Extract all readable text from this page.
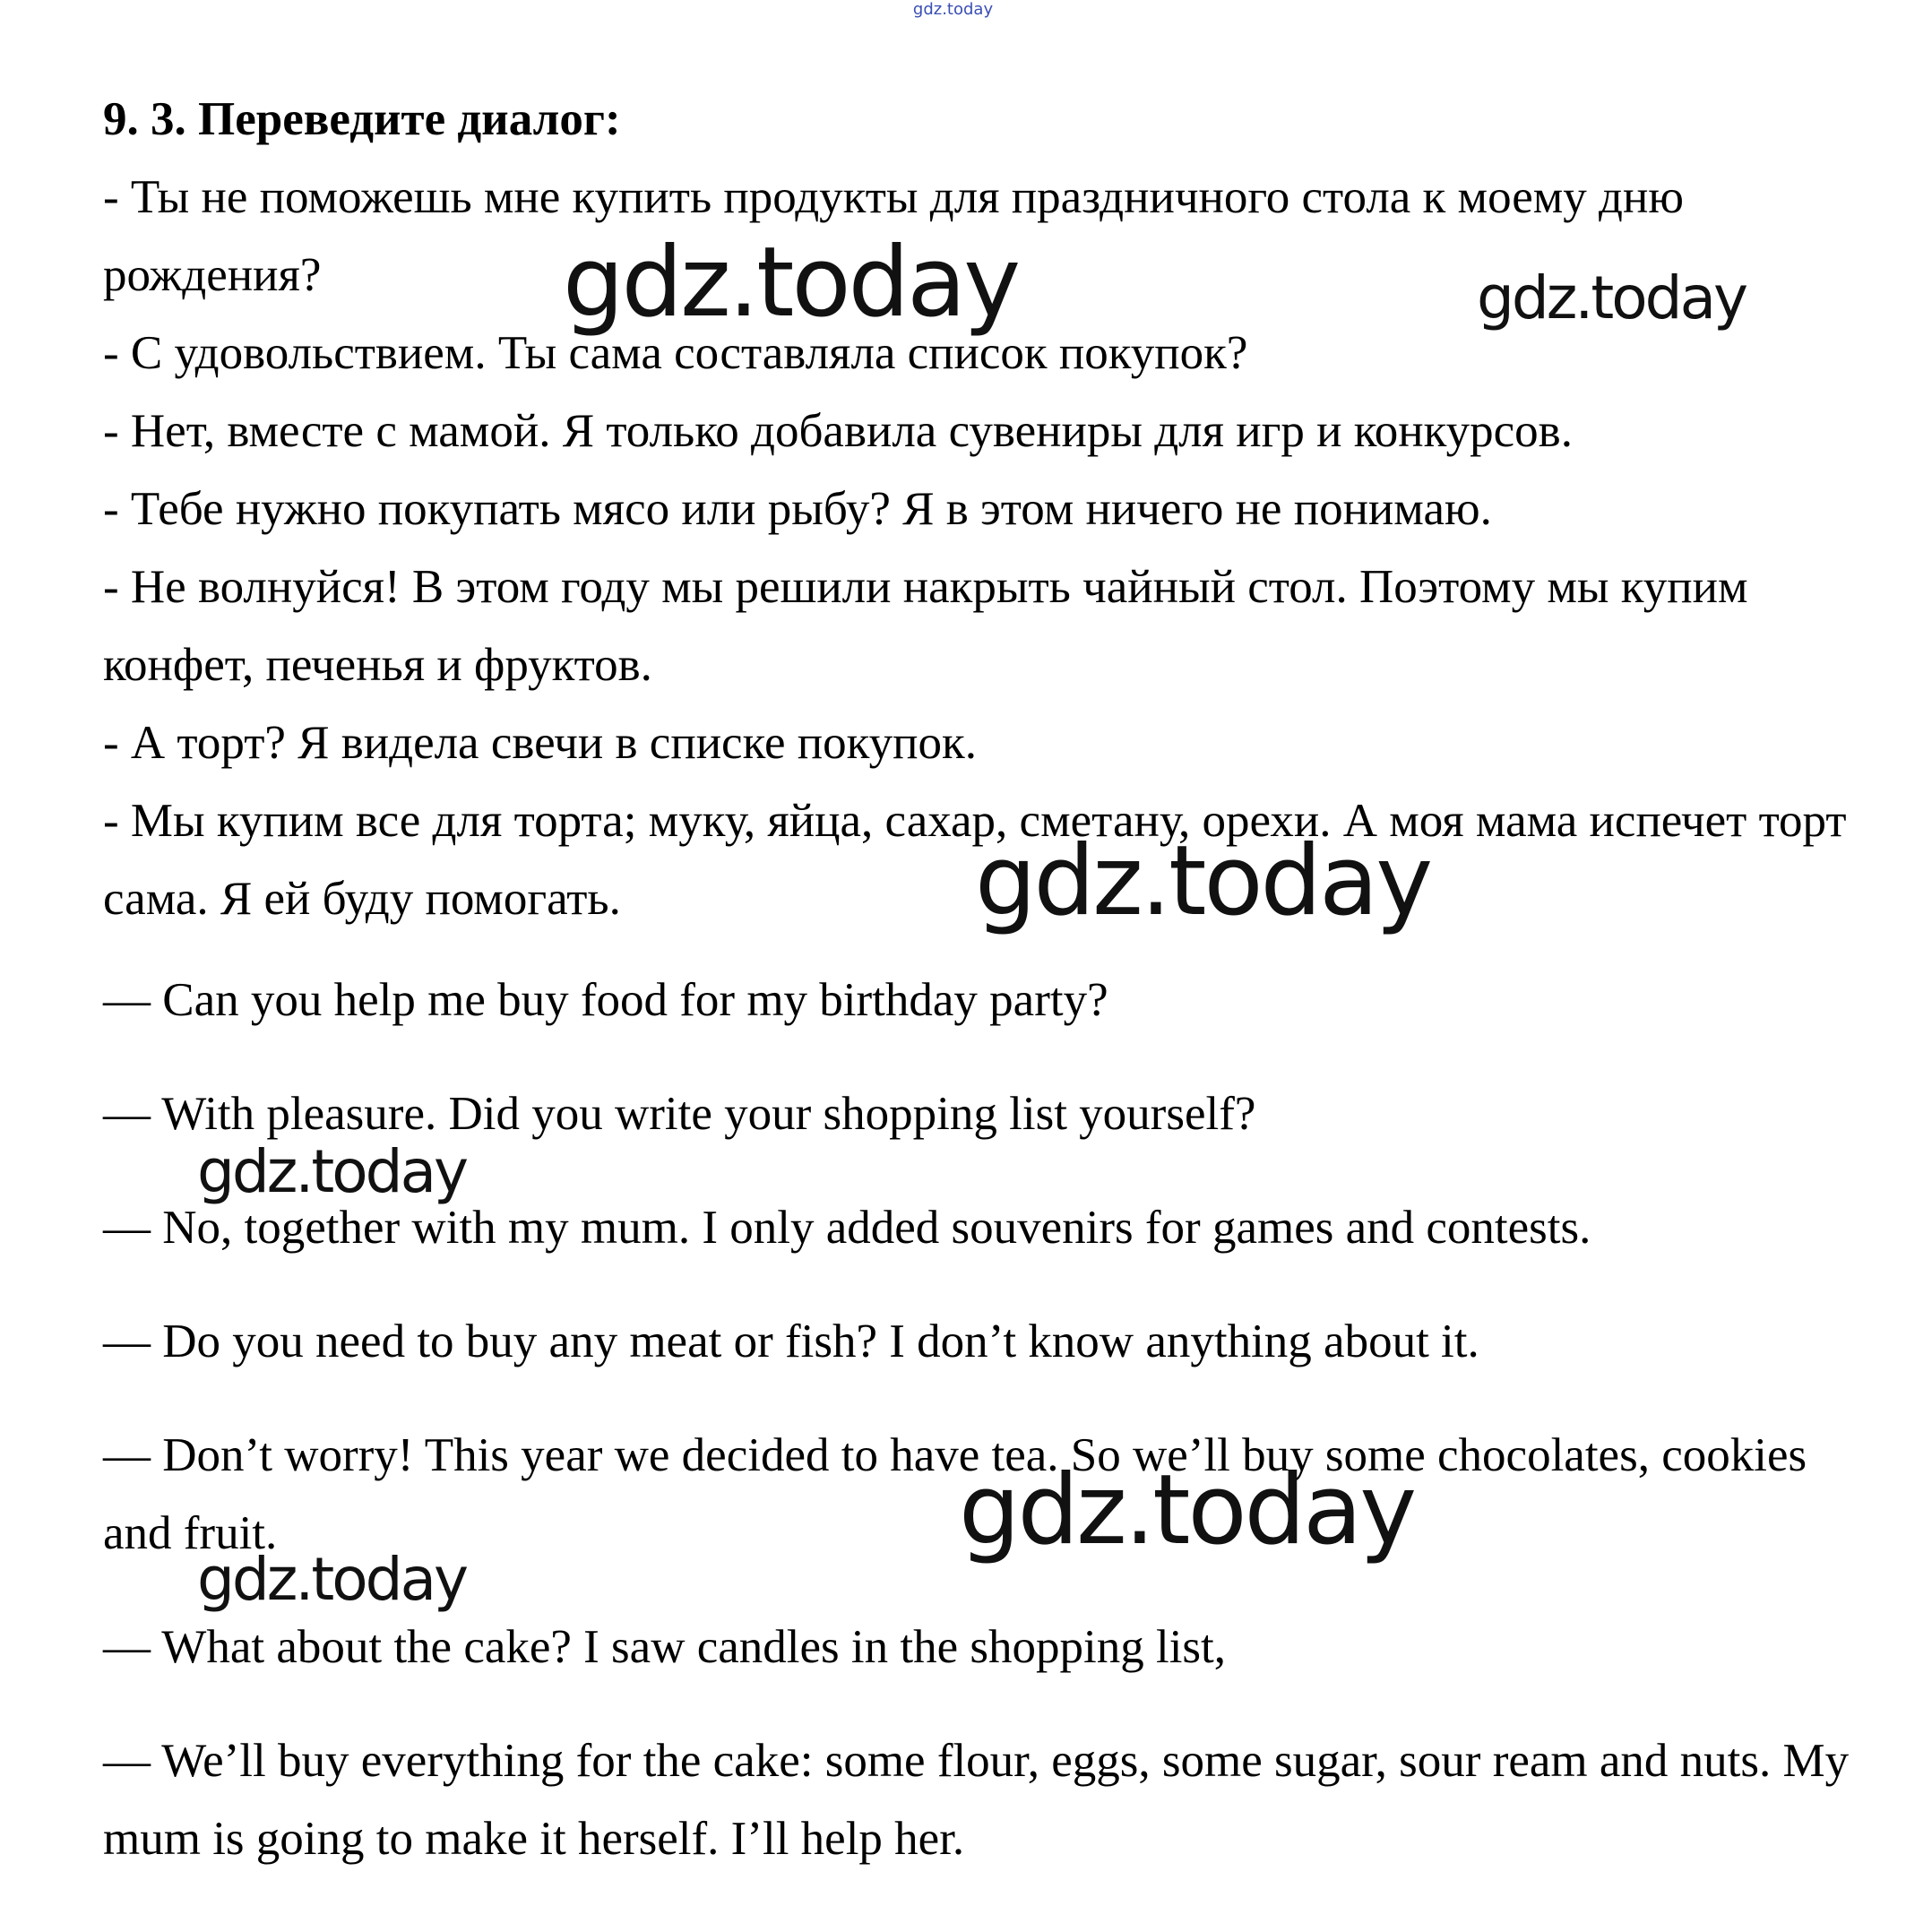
gdz.today
9. 3. Переведите диалог:

- Ты не поможешь мне купить продукты для праздничного стола к моему дню рождения?

- С удовольствием. Ты сама составляла список покупок?

- Нет, вместе с мамой. Я только добавила сувениры для игр и конкурсов.

- Тебе нужно покупать мясо или рыбу? Я в этом ничего не понимаю.

- Не волнуйся! В этом году мы решили накрыть чайный стол. Поэтому мы купим конфет, печенья и фруктов.

- А торт? Я видела свечи в списке покупок.

- Мы купим все для торта; муку, яйца, сахар, сметану, орехи. А моя мама испечет торт сама. Я ей буду помогать.

— Can you help me buy food for my birthday party?

— With pleasure. Did you write your shopping list yourself?

— No, together with my mum. I only added souvenirs for games and contests.

— Do you need to buy any meat or fish? I don’t know anything about it.

— Don’t worry! This year we decided to have tea. So we’ll buy some chocolates, cookies and fruit.

— What about the cake? I saw candles in the shopping list,

— We’ll buy everything for the cake: some flour, eggs, some sugar, sour ream and nuts. My mum is going to make it herself. I’ll help her.

gdz.today	gdz.today
gdz.today
gdz.today
gdz.today
gdz.today
